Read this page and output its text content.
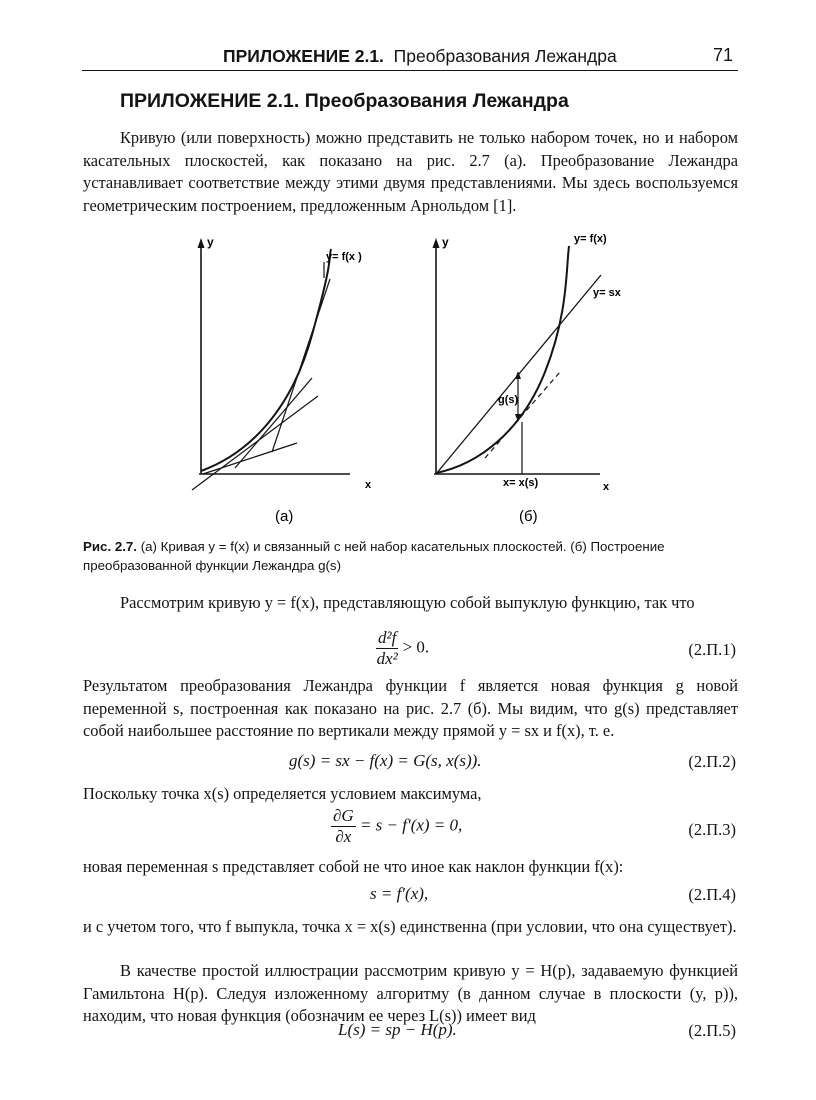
ПРИЛОЖЕНИЕ 2.1. Преобразования Лежандра	71
ПРИЛОЖЕНИЕ 2.1. Преобразования Лежандра
Кривую (или поверхность) можно представить не только набором точек, но и набором касательных плоскостей, как показано на рис. 2.7 (а). Преобразование Лежандра устанавливает соответствие между этими двумя представлениями. Мы здесь воспользуемся геометрическим построением, предложенным Арнольдом [1].
y
y= f(x )
x
y	y= f(x)
y= sx
g(s)
x= x(s)	x
(а)	(б)
Рис. 2.7. (а) Кривая y = f(x) и связанный с ней набор касательных плоскостей. (б) Построение преобразованной функции Лежандра g(s)
Рассмотрим кривую y = f(x), представляющую собой выпуклую функцию, так что
$\frac{\text{d²f}}{\text{dx²}} > 0$.	(2.П.1)
Результатом преобразования Лежандра функции f является новая функция g новой переменной s, построенная как показано на рис. 2.7 (б). Мы видим, что g(s) представляет собой наибольшее расстояние по вертикали между прямой y = sx и f(x), т. е.
g(s) = sx − f(x) = G(s, x(s)).	(2.П.2)
Поскольку точка x(s) определяется условием максимума,
$\frac{\partial G}{\partial x} = s - f'(x) = 0$,	(2.П.3)
новая переменная s представляет собой не что иное как наклон функции f(x):
s = f′(x),	(2.П.4)
и с учетом того, что f выпукла, точка x = x(s) единственна (при условии, что она существует).
В качестве простой иллюстрации рассмотрим кривую y = H(p), задаваемую функцией Гамильтона H(p). Следуя изложенному алгоритму (в данном случае в плоскости (y, p)), находим, что новая функция (обозначим ее через L(s)) имеет вид
L(s) = sp − H(p).	(2.П.5)
